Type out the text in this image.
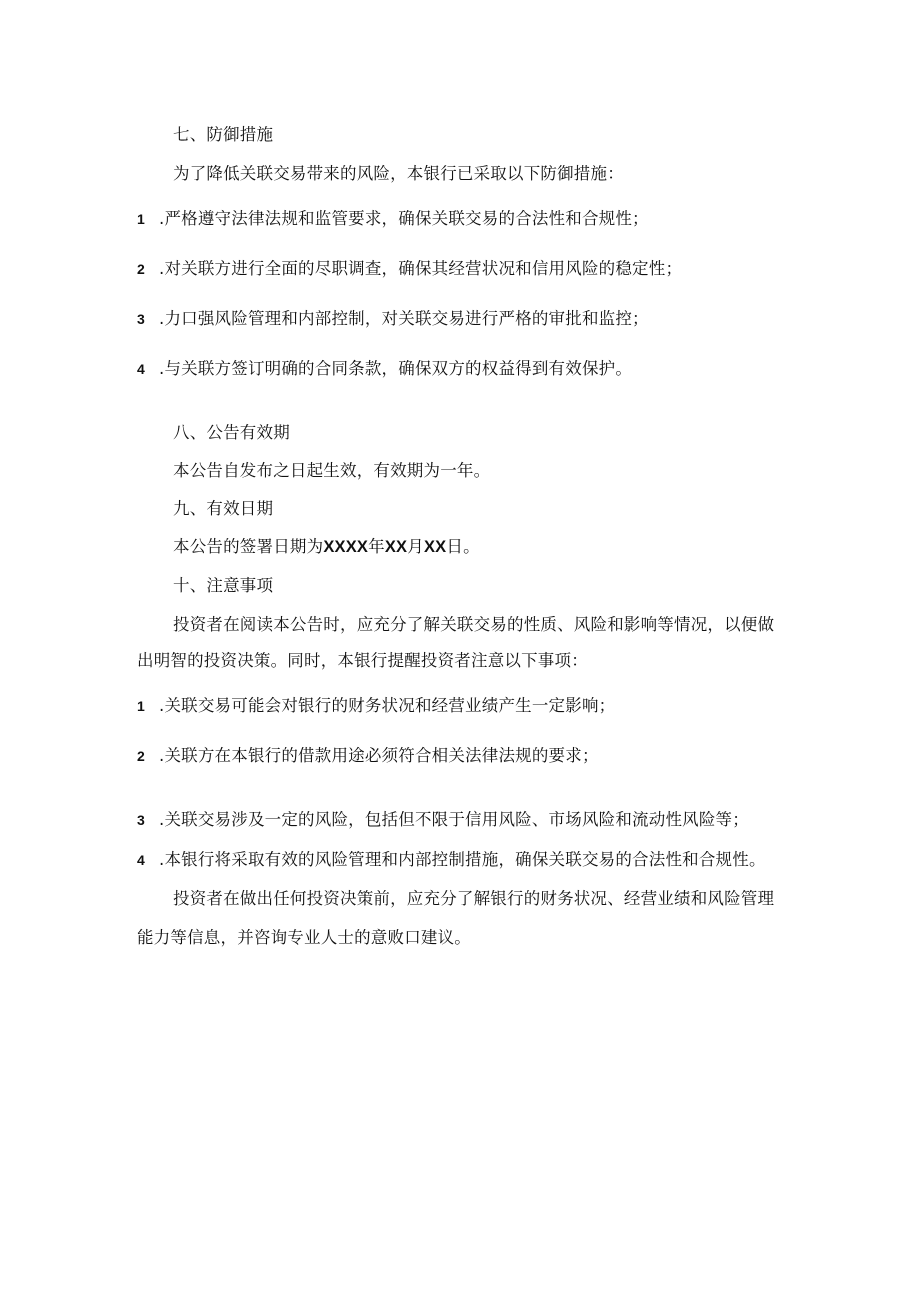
七、防御措施
为了降低关联交易带来的风险，本银行已采取以下防御措施：
1 .严格遵守法律法规和监管要求，确保关联交易的合法性和合规性；
2 .对关联方进行全面的尽职调查，确保其经营状况和信用风险的稳定性；
3 .力口强风险管理和内部控制，对关联交易进行严格的审批和监控；
4 .与关联方签订明确的合同条款，确保双方的权益得到有效保护。
八、公告有效期
本公告自发布之日起生效，有效期为一年。
九、有效日期
本公告的签署日期为XXXX年XX月XX日。
十、注意事项
投资者在阅读本公告时，应充分了解关联交易的性质、风险和影响等情况，以便做
出明智的投资决策。同时，本银行提醒投资者注意以下事项：
1 .关联交易可能会对银行的财务状况和经营业绩产生一定影响；
2 .关联方在本银行的借款用途必须符合相关法律法规的要求；
3 .关联交易涉及一定的风险，包括但不限于信用风险、市场风险和流动性风险等；
4 .本银行将采取有效的风险管理和内部控制措施，确保关联交易的合法性和合规性。
投资者在做出任何投资决策前，应充分了解银行的财务状况、经营业绩和风险管理
能力等信息，并咨询专业人士的意败口建议。
